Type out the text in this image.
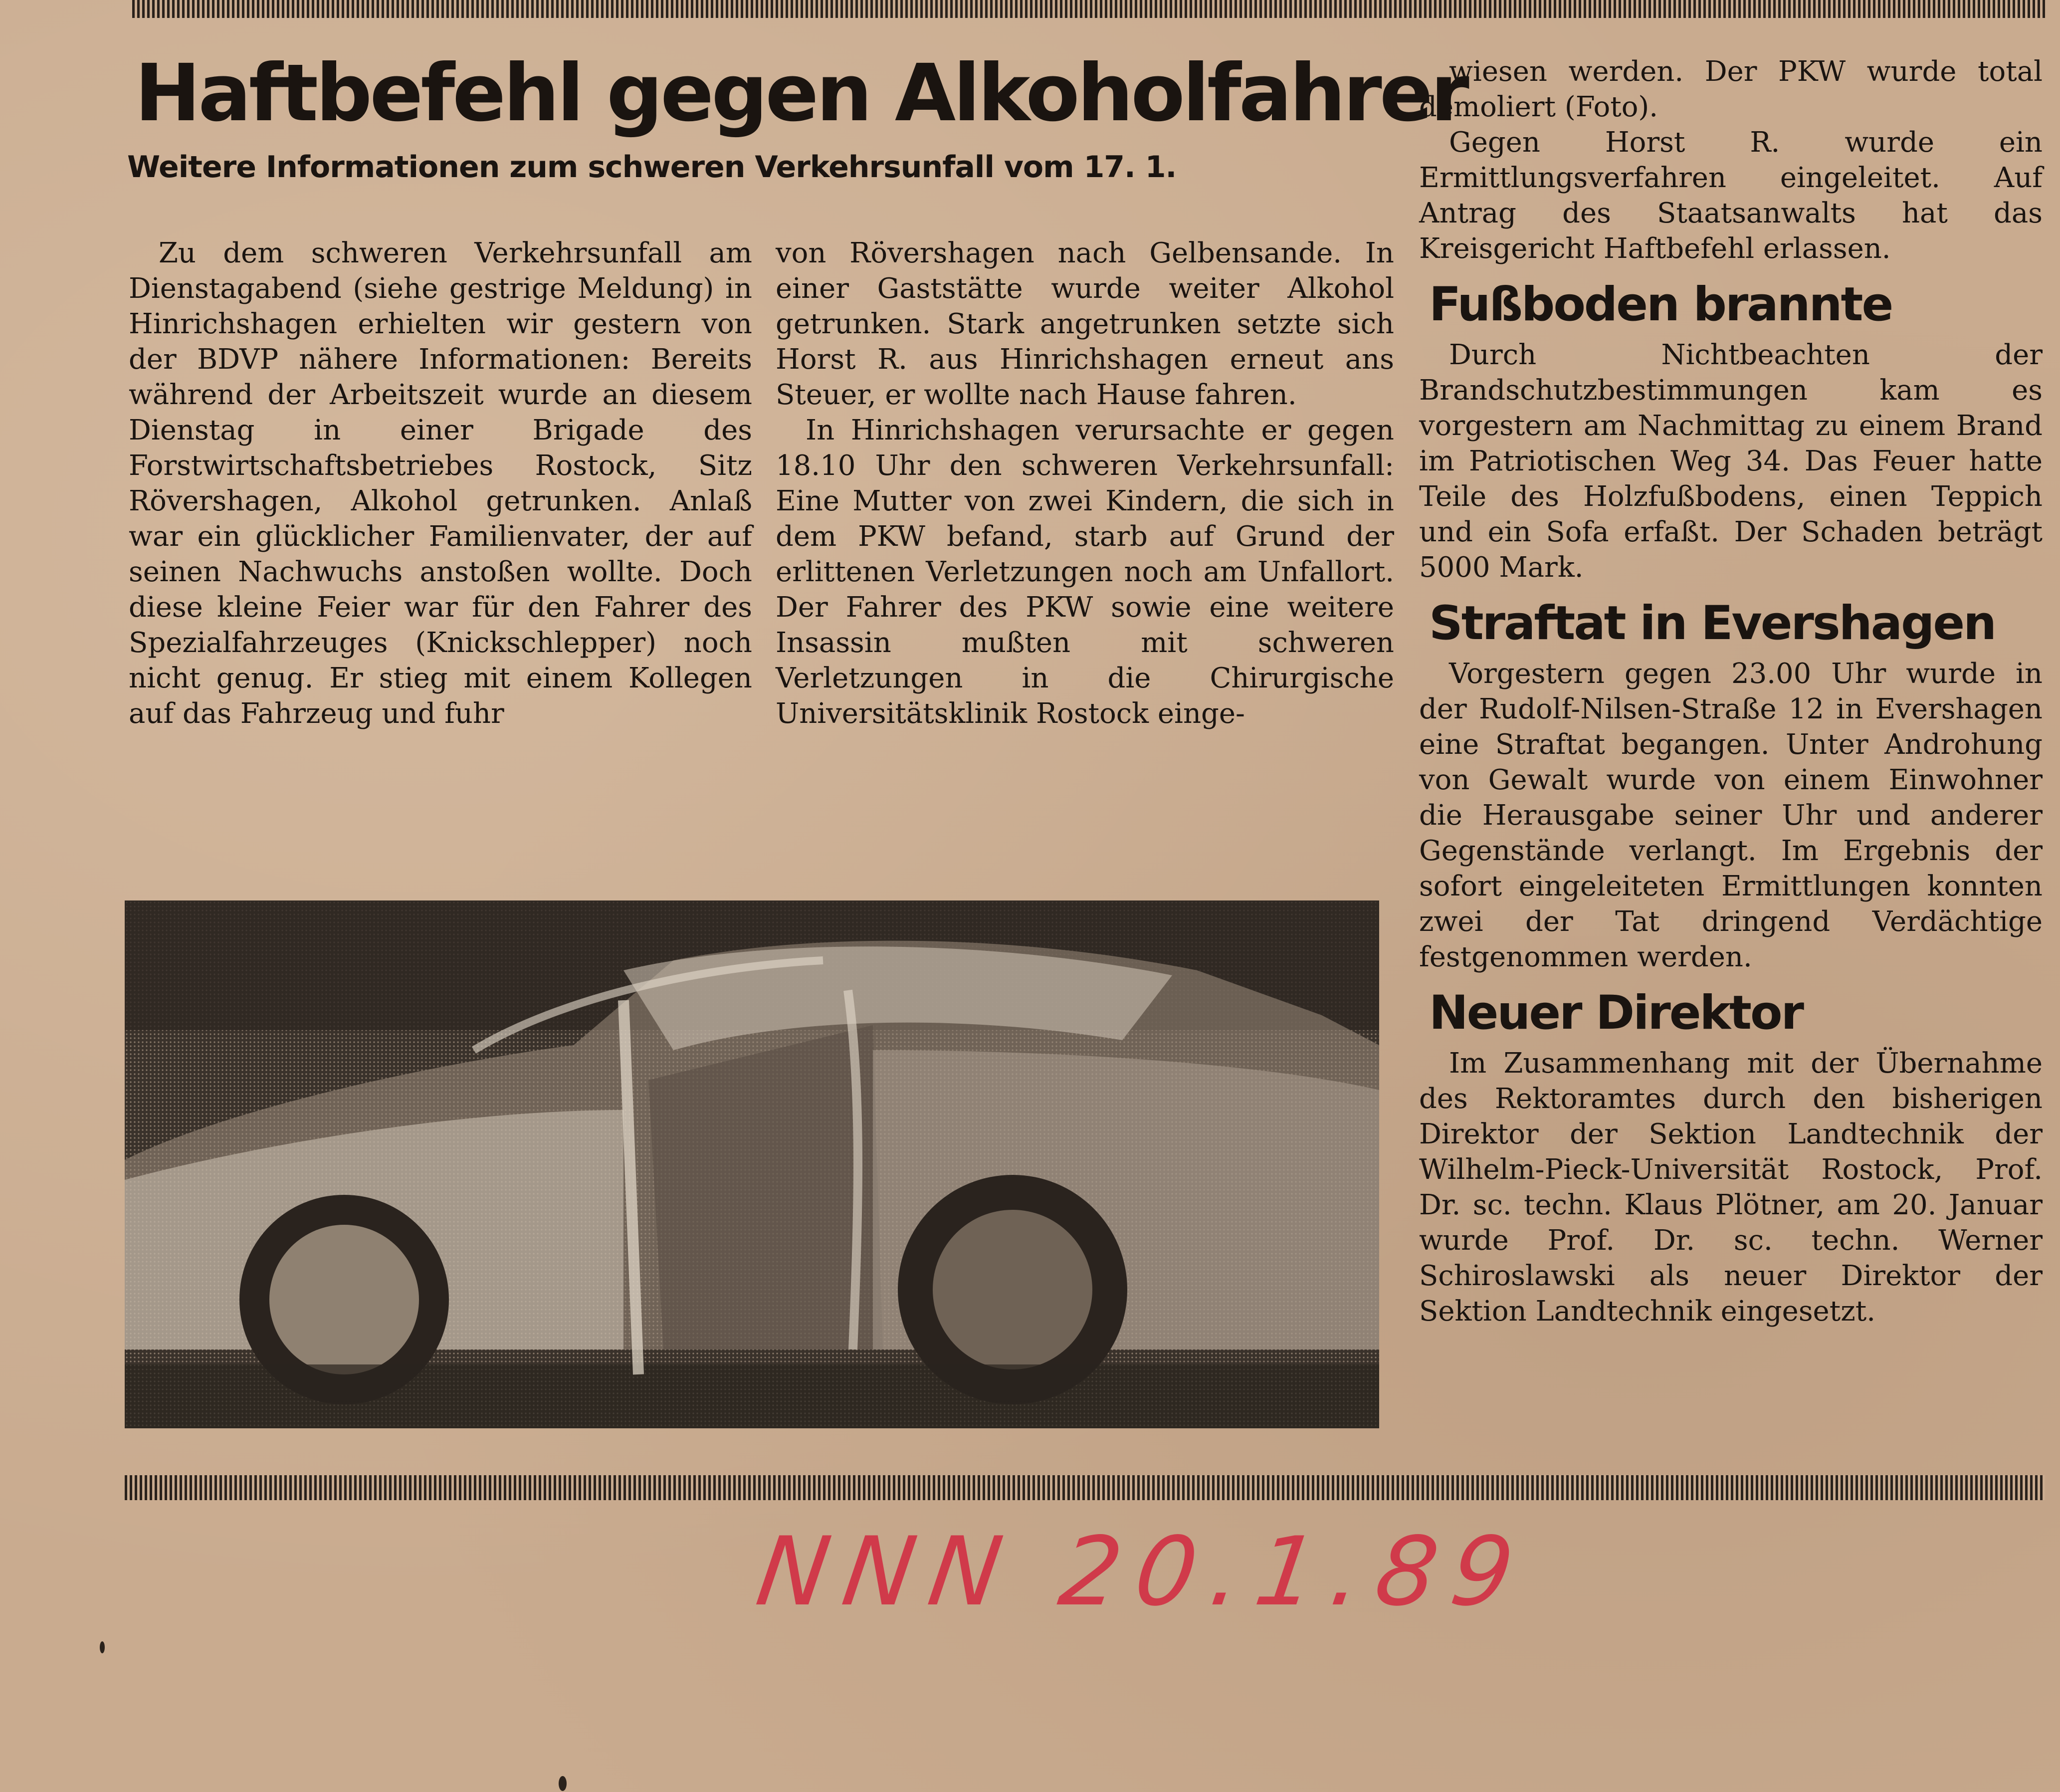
Haftbefehl gegen Alkoholfahrer
Weitere Informationen zum schweren Verkehrsunfall vom 17. 1.

Zu dem schweren Verkehrsunfall am Dienstagabend (siehe gestrige Meldung) in Hinrichshagen erhielten wir gestern von der BDVP nähere Informationen: Bereits während der Arbeitszeit wurde an diesem Dienstag in einer Brigade des Forstwirtschaftsbetriebes Rostock, Sitz Rövershagen, Alkohol getrunken. Anlaß war ein glücklicher Familienvater, der auf seinen Nachwuchs anstoßen wollte. Doch diese kleine Feier war für den Fahrer des Spezialfahrzeuges (Knickschlepper) noch nicht genug. Er stieg mit einem Kollegen auf das Fahrzeug und fuhr

von Rövershagen nach Gelbensande. In einer Gaststätte wurde weiter Alkohol getrunken. Stark angetrunken setzte sich Horst R. aus Hinrichshagen erneut ans Steuer, er wollte nach Hause fahren.

In Hinrichshagen verursachte er gegen 18.10 Uhr den schweren Verkehrsunfall: Eine Mutter von zwei Kindern, die sich in dem PKW befand, starb auf Grund der erlittenen Verletzungen noch am Unfallort. Der Fahrer des PKW sowie eine weitere Insassin mußten mit schweren Verletzungen in die Chirurgische Universitätsklinik Rostock einge-

wiesen werden. Der PKW wurde total demoliert (Foto).

Gegen Horst R. wurde ein Ermittlungsverfahren eingeleitet. Auf Antrag des Staatsanwalts hat das Kreisgericht Haftbefehl erlassen.

Fußboden brannte

Durch Nichtbeachten der Brandschutzbestimmungen kam es vorgestern am Nachmittag zu einem Brand im Patriotischen Weg 34. Das Feuer hatte Teile des Holzfußbodens, einen Teppich und ein Sofa erfaßt. Der Schaden beträgt 5000 Mark.

Straftat in Evershagen

Vorgestern gegen 23.00 Uhr wurde in der Rudolf-Nilsen-Straße 12 in Evershagen eine Straftat begangen. Unter Androhung von Gewalt wurde von einem Einwohner die Herausgabe seiner Uhr und anderer Gegenstände verlangt. Im Ergebnis der sofort eingeleiteten Ermittlungen konnten zwei der Tat dringend Verdächtige festgenommen werden.

Neuer Direktor

Im Zusammenhang mit der Übernahme des Rektoramtes durch den bisherigen Direktor der Sektion Landtechnik der Wilhelm-Pieck-Universität Rostock, Prof. Dr. sc. techn. Klaus Plötner, am 20. Januar wurde Prof. Dr. sc. techn. Werner Schiroslawski als neuer Direktor der Sektion Landtechnik eingesetzt.

NNN 20.1.89
